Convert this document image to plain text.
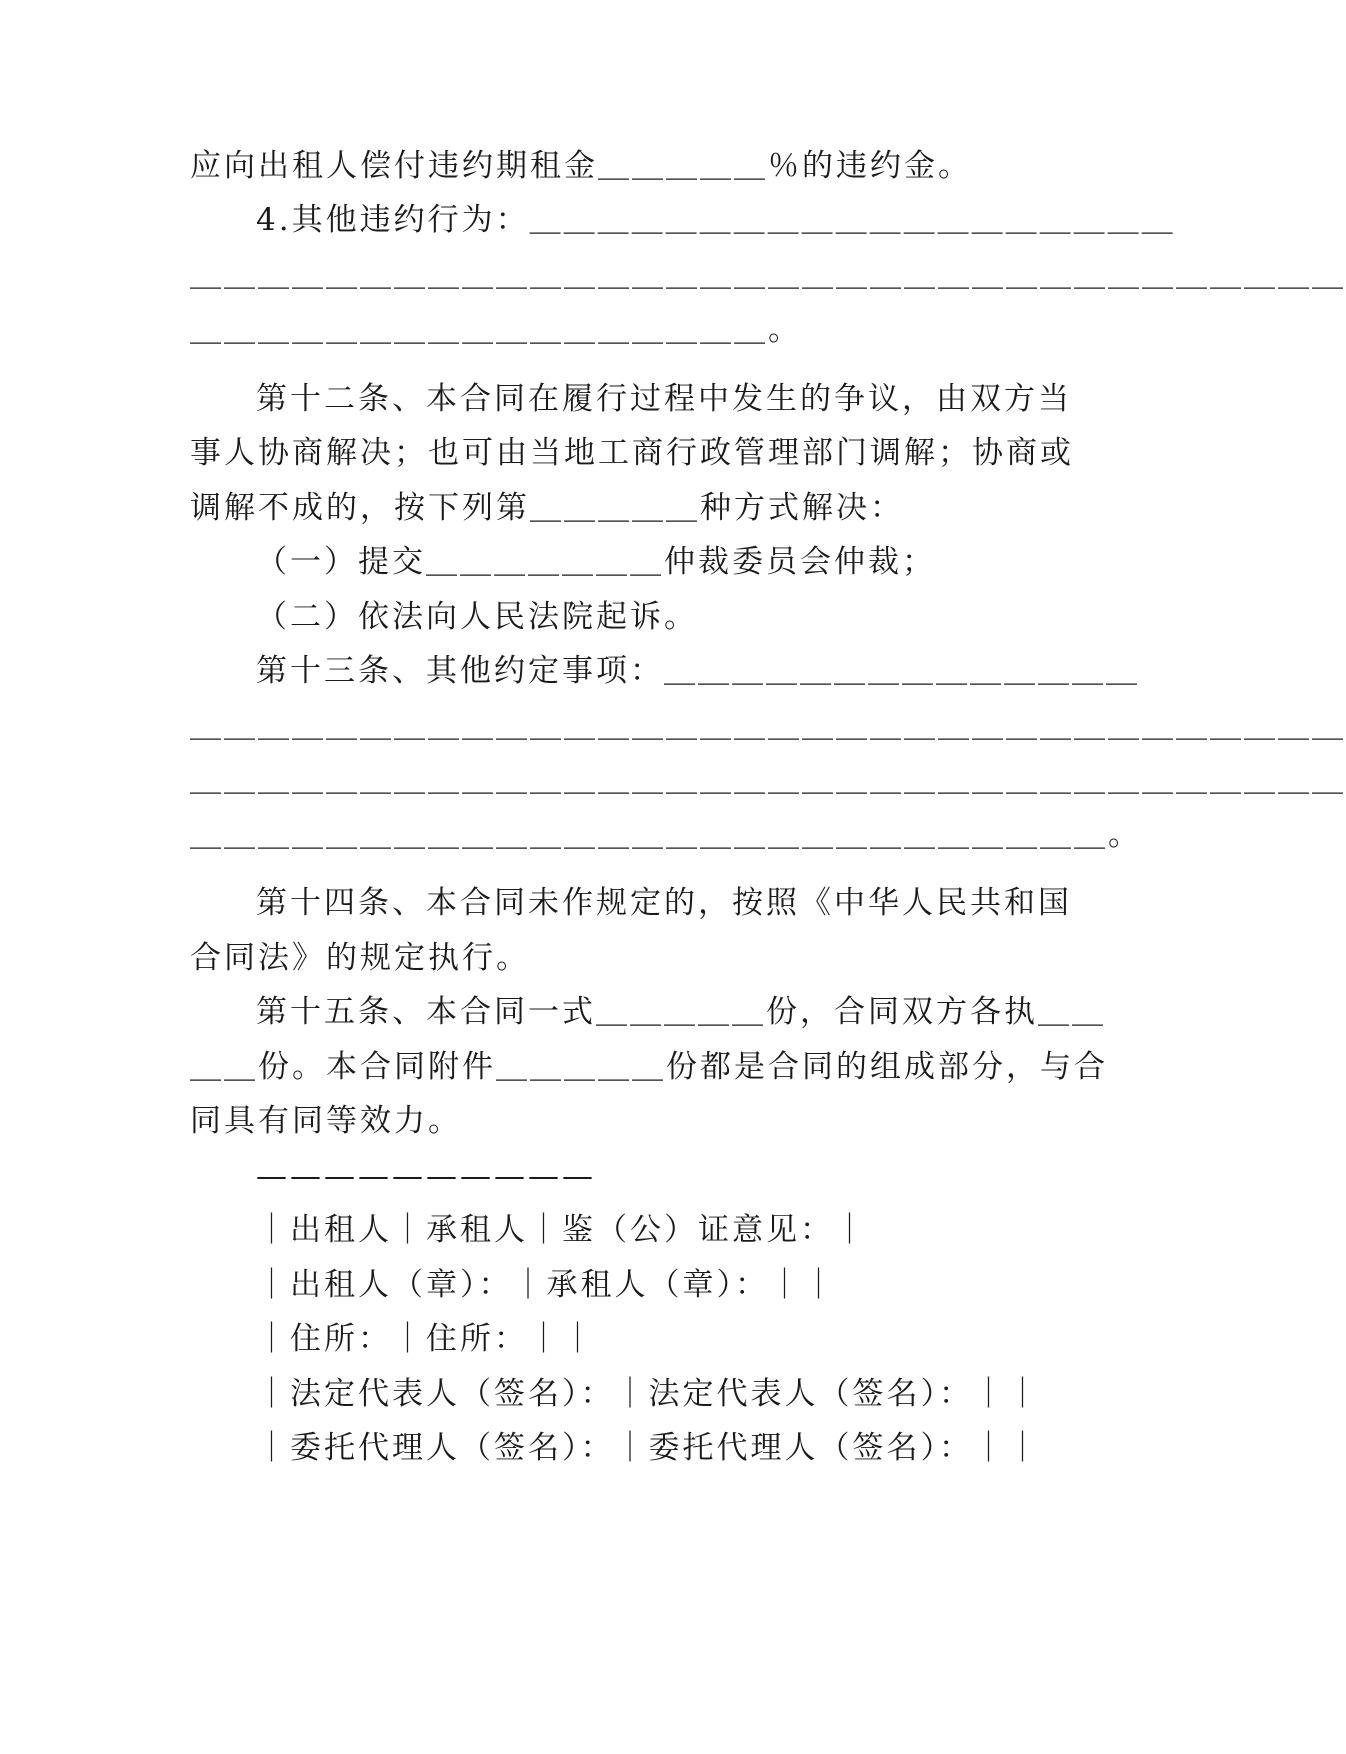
应向出租人偿付违约期租金＿＿＿＿＿％的违约金。
4.其他违约行为：＿＿＿＿＿＿＿＿＿＿＿＿＿＿＿＿＿＿＿
＿＿＿＿＿＿＿＿＿＿＿＿＿＿＿＿＿＿＿＿＿＿＿＿＿＿＿＿＿＿＿＿＿＿
＿＿＿＿＿＿＿＿＿＿＿＿＿＿＿＿＿。
第十二条、本合同在履行过程中发生的争议，由双方当
事人协商解决；也可由当地工商行政管理部门调解；协商或
调解不成的，按下列第＿＿＿＿＿种方式解决：
（一）提交＿＿＿＿＿＿＿仲裁委员会仲裁；
（二）依法向人民法院起诉。
第十三条、其他约定事项：＿＿＿＿＿＿＿＿＿＿＿＿＿＿
＿＿＿＿＿＿＿＿＿＿＿＿＿＿＿＿＿＿＿＿＿＿＿＿＿＿＿＿＿＿＿＿＿＿
＿＿＿＿＿＿＿＿＿＿＿＿＿＿＿＿＿＿＿＿＿＿＿＿＿＿＿＿＿＿＿＿＿＿
＿＿＿＿＿＿＿＿＿＿＿＿＿＿＿＿＿＿＿＿＿＿＿＿＿＿＿。
第十四条、本合同未作规定的，按照《中华人民共和国
合同法》的规定执行。
第十五条、本合同一式＿＿＿＿＿份，合同双方各执＿＿
＿＿份。本合同附件＿＿＿＿＿份都是合同的组成部分，与合
同具有同等效力。
——————————
｜出租人｜承租人｜鉴（公）证意见：｜
｜出租人（章）：｜承租人（章）：｜｜
｜住所：｜住所：｜｜
｜法定代表人（签名）：｜法定代表人（签名）：｜｜
｜委托代理人（签名）：｜委托代理人（签名）：｜｜
